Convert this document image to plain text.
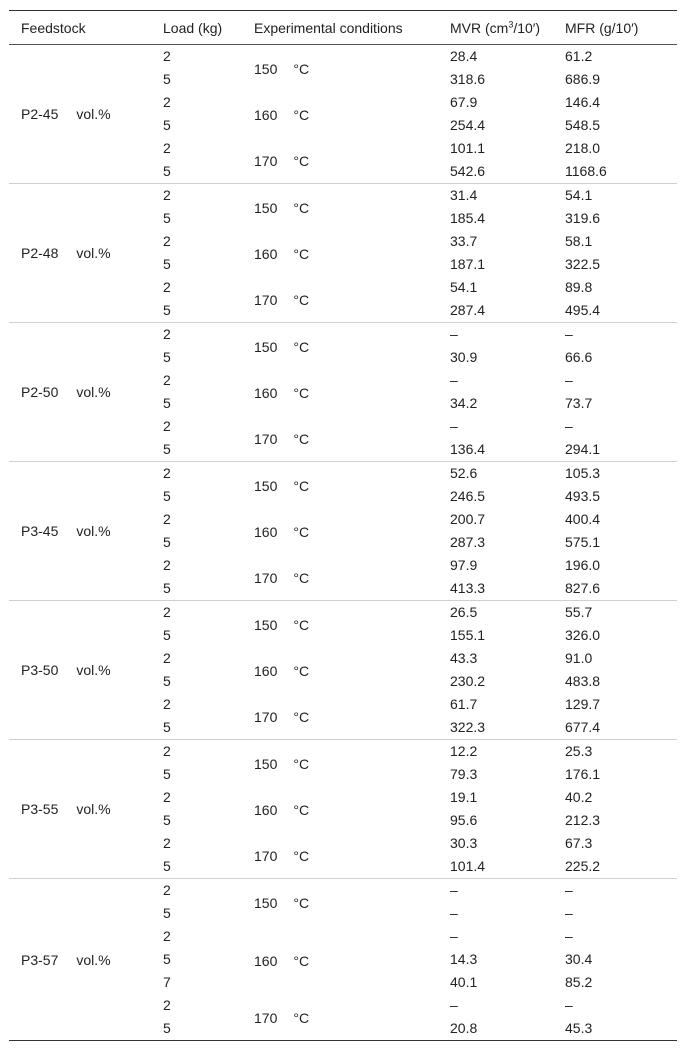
Feedstock	Load (kg) Experimental conditions	MVR $(cm^3/10')$ MFR (g/10′)
P2-45 vol.%
150 °C
2	28.4	61.2
5	318.6	686.9
160 °C
2	67.9	146.4
5	254.4	548.5
170 °C
2	101.1	218.0
5	542.6	1168.6
P2-48 vol.%
150 °C
2	31.4	54.1
5	185.4	319.6
160 °C
2	33.7	58.1
5	187.1	322.5
170 °C
2	54.1	89.8
5	287.4	495.4
P2-50 vol.%
150 °C
2	–	–
5	30.9	66.6
160 °C
2	–	–
5	34.2	73.7
170 °C
2	–	–
5	136.4	294.1
P3-45 vol.%
150 °C
2	52.6	105.3
5	246.5	493.5
160 °C
2	200.7	400.4
5	287.3	575.1
170 °C
2	97.9	196.0
5	413.3	827.6
P3-50 vol.%
150 °C
2	26.5	55.7
5	155.1	326.0
160 °C
2	43.3	91.0
5	230.2	483.8
170 °C
2	61.7	129.7
5	322.3	677.4
P3-55 vol.%
150 °C
2	12.2	25.3
5	79.3	176.1
160 °C
2	19.1	40.2
5	95.6	212.3
170 °C
2	30.3	67.3
5	101.4	225.2
P3-57 vol.%
150 °C
2	–	–
5	–	–
160 °C
2	–	–
5	14.3	30.4
7	40.1	85.2
170 °C
2	–	–
5	20.8	45.3
